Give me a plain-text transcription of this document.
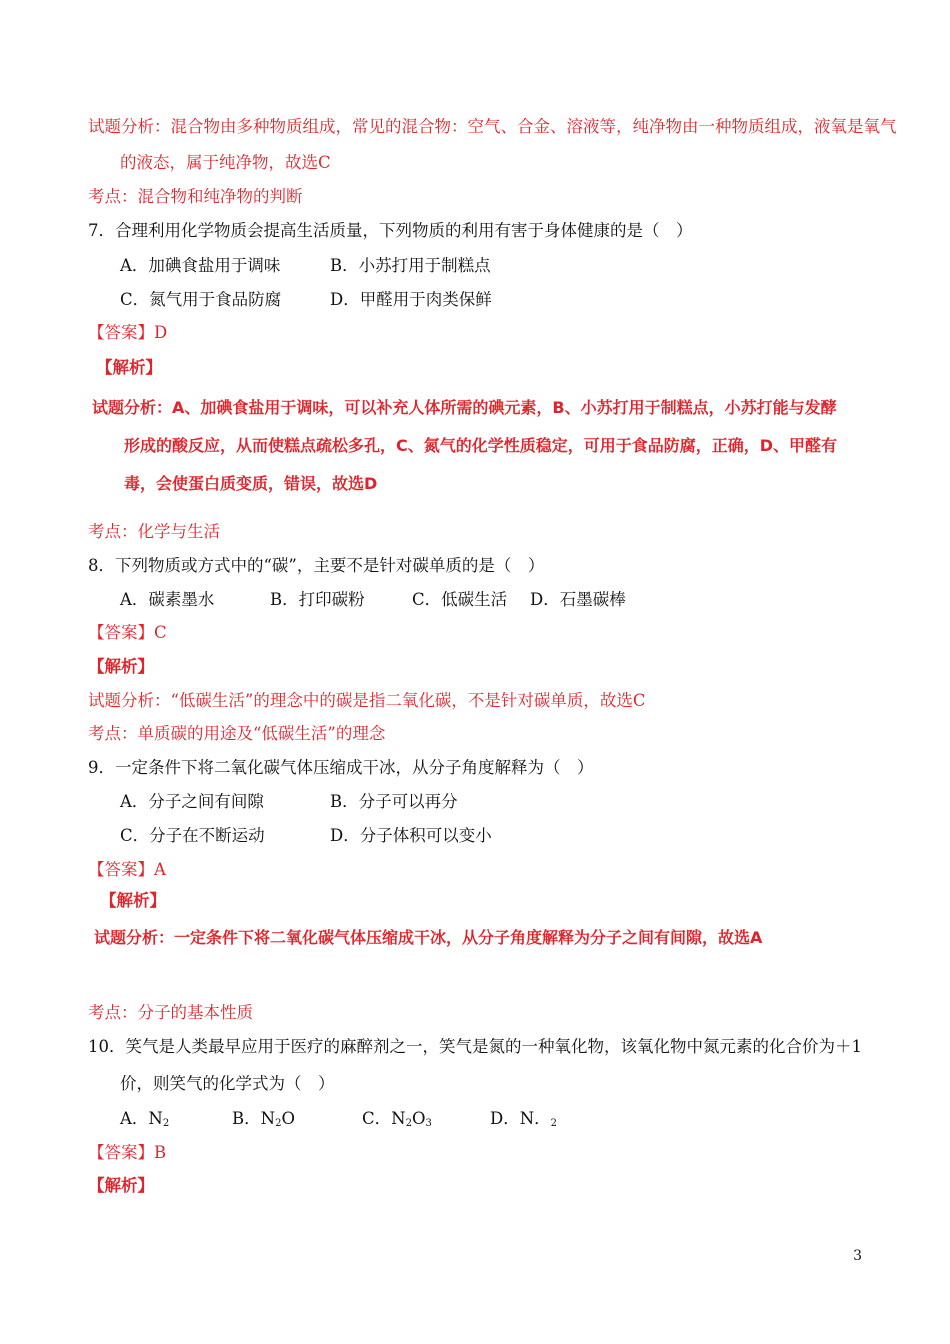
试题分析：混合物由多种物质组成，常见的混合物：空气、合金、溶液等，纯净物由一种物质组成，液氧是氧气
的液态，属于纯净物，故选C
考点：混合物和纯净物的判断
7．合理利用化学物质会提高生活质量，下列物质的利用有害于身体健康的是（　）
A．加碘食盐用于调味	B．小苏打用于制糕点
C．氮气用于食品防腐	D．甲醛用于肉类保鲜
【答案】D
【解析】
试题分析：A、加碘食盐用于调味，可以补充人体所需的碘元素，B、小苏打用于制糕点，小苏打能与发酵
形成的酸反应，从而使糕点疏松多孔，C、氮气的化学性质稳定，可用于食品防腐，正确，D、甲醛有
毒，会使蛋白质变质，错误，故选D
考点：化学与生活
8．下列物质或方式中的“碳”，主要不是针对碳单质的是（　）
A．碳素墨水	B．打印碳粉	C．低碳生活 D．石墨碳棒
【答案】C
【解析】
试题分析：“低碳生活”的理念中的碳是指二氧化碳，不是针对碳单质，故选C
考点：单质碳的用途及“低碳生活”的理念
9．一定条件下将二氧化碳气体压缩成干冰，从分子角度解释为（　）
A．分子之间有间隙	B．分子可以再分
C．分子在不断运动	D．分子体积可以变小
【答案】A
【解析】
试题分析：一定条件下将二氧化碳气体压缩成干冰，从分子角度解释为分子之间有间隙，故选A
考点：分子的基本性质
10．笑气是人类最早应用于医疗的麻醉剂之一，笑气是氮的一种氧化物，该氧化物中氮元素的化合价为＋1
价，则笑气的化学式为（　）
A．$N_2$	B．$N_2O$	C．$N_2O_3$	D．N．$_2$
【答案】B
【解析】
3
